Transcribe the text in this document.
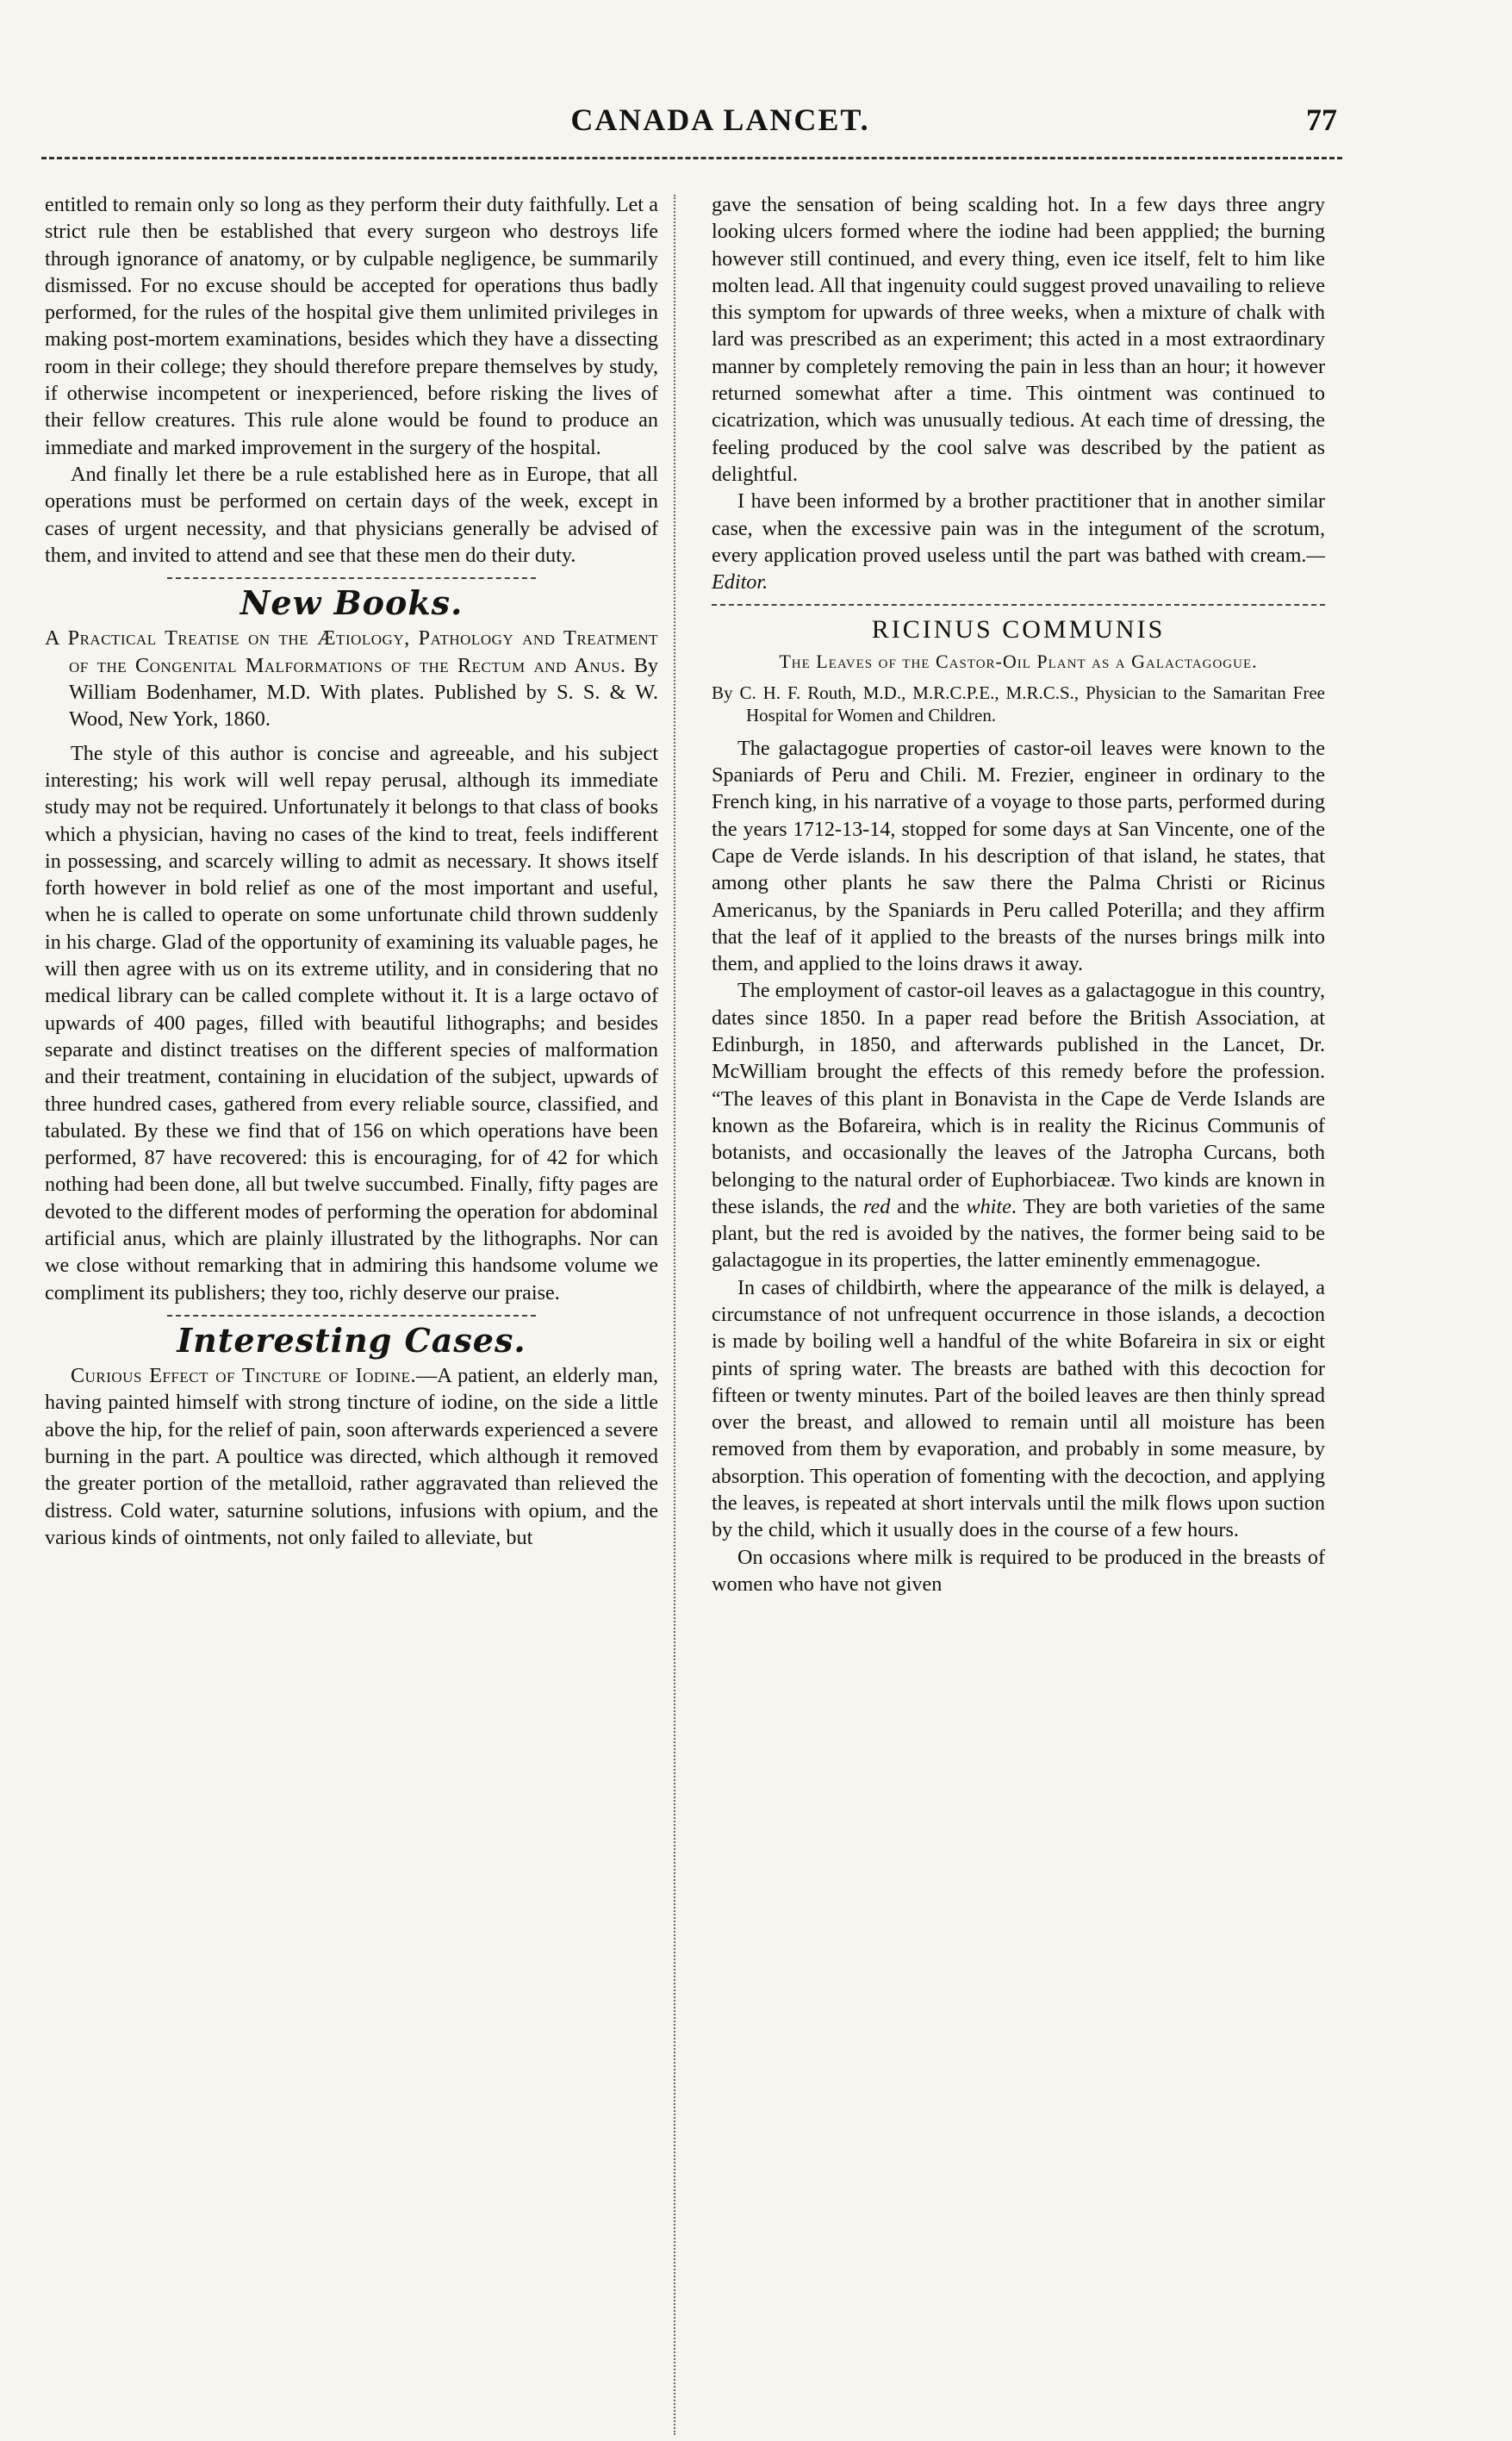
CANADA LANCET.	77

entitled to remain only so long as they perform their duty faithfully. Let a strict rule then be established that every surgeon who destroys life through ignorance of anatomy, or by culpable negligence, be summarily dismissed. For no excuse should be accepted for operations thus badly performed, for the rules of the hospital give them unlimited privileges in making post-mortem examinations, besides which they have a dissecting room in their college; they should therefore prepare themselves by study, if otherwise incompetent or inexperienced, before risking the lives of their fellow creatures. This rule alone would be found to produce an immediate and marked improvement in the surgery of the hospital.

And finally let there be a rule established here as in Europe, that all operations must be performed on certain days of the week, except in cases of urgent necessity, and that physicians generally be advised of them, and invited to attend and see that these men do their duty.

New Books.

A Practical Treatise on the Ætiology, Pathology and Treatment of the Congenital Malformations of the Rectum and Anus. By William Bodenhamer, M.D. With plates. Published by S. S. & W. Wood, New York, 1860.

The style of this author is concise and agreeable, and his subject interesting; his work will well repay perusal, although its immediate study may not be required. Unfortunately it belongs to that class of books which a physician, having no cases of the kind to treat, feels indifferent in possessing, and scarcely willing to admit as necessary. It shows itself forth however in bold relief as one of the most important and useful, when he is called to operate on some unfortunate child thrown suddenly in his charge. Glad of the opportunity of examining its valuable pages, he will then agree with us on its extreme utility, and in considering that no medical library can be called complete without it. It is a large octavo of upwards of 400 pages, filled with beautiful lithographs; and besides separate and distinct treatises on the different species of malformation and their treatment, containing in elucidation of the subject, upwards of three hundred cases, gathered from every reliable source, classified, and tabulated. By these we find that of 156 on which operations have been performed, 87 have recovered: this is encouraging, for of 42 for which nothing had been done, all but twelve succumbed. Finally, fifty pages are devoted to the different modes of performing the operation for abdominal artificial anus, which are plainly illustrated by the lithographs. Nor can we close without remarking that in admiring this handsome volume we compliment its publishers; they too, richly deserve our praise.

Interesting Cases.

Curious Effect of Tincture of Iodine.—A patient, an elderly man, having painted himself with strong tincture of iodine, on the side a little above the hip, for the relief of pain, soon afterwards experienced a severe burning in the part. A poultice was directed, which although it removed the greater portion of the metalloid, rather aggravated than relieved the distress. Cold water, saturnine solutions, infusions with opium, and the various kinds of ointments, not only failed to alleviate, but

gave the sensation of being scalding hot. In a few days three angry looking ulcers formed where the iodine had been appplied; the burning however still continued, and every thing, even ice itself, felt to him like molten lead. All that ingenuity could suggest proved unavailing to relieve this symptom for upwards of three weeks, when a mixture of chalk with lard was prescribed as an experiment; this acted in a most extraordinary manner by completely removing the pain in less than an hour; it however returned somewhat after a time. This ointment was continued to cicatrization, which was unusually tedious. At each time of dressing, the feeling produced by the cool salve was described by the patient as delightful.

I have been informed by a brother practitioner that in another similar case, when the excessive pain was in the integument of the scrotum, every application proved useless until the part was bathed with cream.—Editor.

RICINUS COMMUNIS
The Leaves of the Castor-Oil Plant as a Galactagogue.
By C. H. F. Routh, M.D., M.R.C.P.E., M.R.C.S., Physician to the Samaritan Free Hospital for Women and Children.

The galactagogue properties of castor-oil leaves were known to the Spaniards of Peru and Chili. M. Frezier, engineer in ordinary to the French king, in his narrative of a voyage to those parts, performed during the years 1712-13-14, stopped for some days at San Vincente, one of the Cape de Verde islands. In his description of that island, he states, that among other plants he saw there the Palma Christi or Ricinus Americanus, by the Spaniards in Peru called Poterilla; and they affirm that the leaf of it applied to the breasts of the nurses brings milk into them, and applied to the loins draws it away.

The employment of castor-oil leaves as a galactagogue in this country, dates since 1850. In a paper read before the British Association, at Edinburgh, in 1850, and afterwards published in the Lancet, Dr. McWilliam brought the effects of this remedy before the profession. “The leaves of this plant in Bonavista in the Cape de Verde Islands are known as the Bofareira, which is in reality the Ricinus Communis of botanists, and occasionally the leaves of the Jatropha Curcans, both belonging to the natural order of Euphorbiaceæ. Two kinds are known in these islands, the red and the white. They are both varieties of the same plant, but the red is avoided by the natives, the former being said to be galactagogue in its properties, the latter eminently emmenagogue.

In cases of childbirth, where the appearance of the milk is delayed, a circumstance of not unfrequent occurrence in those islands, a decoction is made by boiling well a handful of the white Bofareira in six or eight pints of spring water. The breasts are bathed with this decoction for fifteen or twenty minutes. Part of the boiled leaves are then thinly spread over the breast, and allowed to remain until all moisture has been removed from them by evaporation, and probably in some measure, by absorption. This operation of fomenting with the decoction, and applying the leaves, is repeated at short intervals until the milk flows upon suction by the child, which it usually does in the course of a few hours.

On occasions where milk is required to be produced in the breasts of women who have not given
